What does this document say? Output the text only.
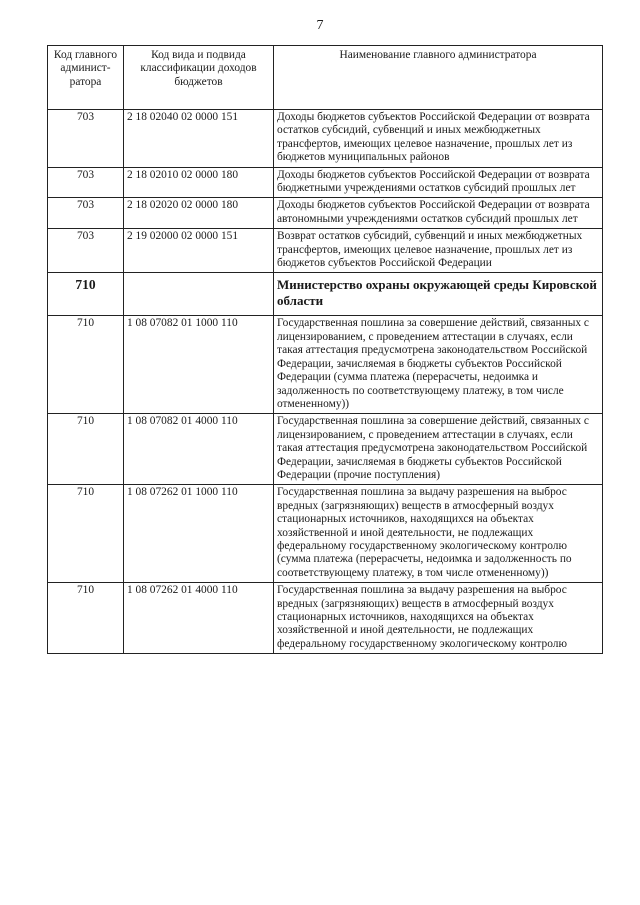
7
Код главного админист-ратора	Код вида и подвида классификации доходов бюджетов	Наименование главного администратора
703	2 18 02040 02 0000 151	Доходы бюджетов субъектов Российской Федерации от возврата остатков субсидий, субвенций и иных межбюджетных трансфертов, имеющих целевое назначение, прошлых лет из бюджетов муниципальных районов
703	2 18 02010 02 0000 180	Доходы бюджетов субъектов Российской Федерации от возврата бюджетными учреждениями остатков субсидий прошлых лет
703	2 18 02020 02 0000 180	Доходы бюджетов субъектов Российской Федерации от возврата автономными учреждениями остатков субсидий прошлых лет
703	2 19 02000 02 0000 151	Возврат остатков субсидий, субвенций и иных межбюджетных трансфертов, имеющих целевое назначение, прошлых лет из бюджетов субъектов Российской Федерации
710		Министерство охраны окружающей среды Кировской области
710	1 08 07082 01 1000 110	Государственная пошлина за совершение действий, связанных с лицензированием, с проведением аттестации в случаях, если такая аттестация предусмотрена законодательством Российской Федерации, зачисляемая в бюджеты субъектов Российской Федерации (сумма платежа (перерасчеты, недоимка и задолженность по соответствующему платежу, в том числе отмененному))
710	1 08 07082 01 4000 110	Государственная пошлина за совершение действий, связанных с лицензированием, с проведением аттестации в случаях, если такая аттестация предусмотрена законодательством Российской Федерации, зачисляемая в бюджеты субъектов Российской Федерации (прочие поступления)
710	1 08 07262 01 1000 110	Государственная пошлина за выдачу разрешения на выброс вредных (загрязняющих) веществ в атмосферный воздух стационарных источников, находящихся на объектах хозяйственной и иной деятельности, не подлежащих федеральному государственному экологическому контролю (сумма платежа (перерасчеты, недоимка и задолженность по соответствующему платежу, в том числе отмененному))
710	1 08 07262 01 4000 110	Государственная пошлина за выдачу разрешения на выброс вредных (загрязняющих) веществ в атмосферный воздух стационарных источников, находящихся на объектах хозяйственной и иной деятельности, не подлежащих федеральному государственному экологическому контролю
